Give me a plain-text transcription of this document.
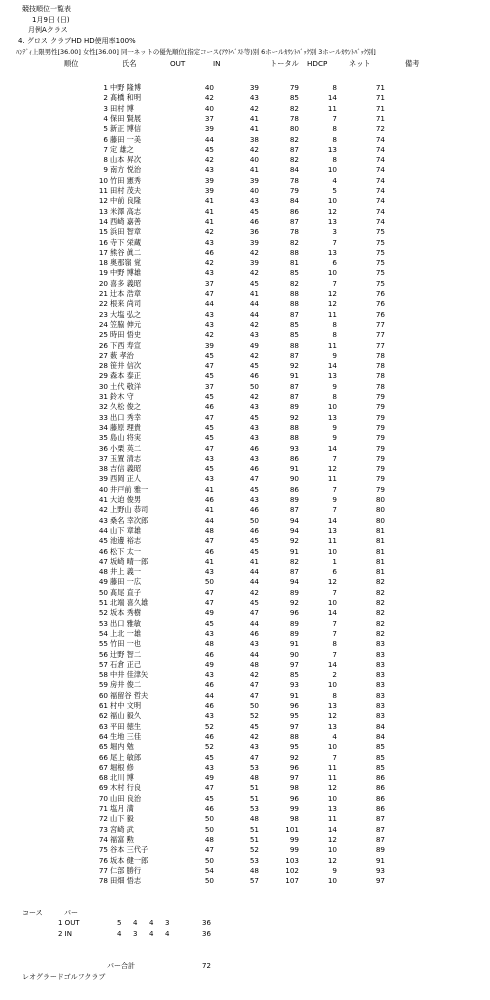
競技順位一覧表
1月9日 (日)
月例Aクラス
4. グロス クラブHD HD使用率100%
ﾊﾝﾃﾞｨ上限男性[36.00] 女性[36.00] 同一ネットの優先順位[指定コース(ｱｳﾄﾍﾞｽﾄ等)別 6ホールｶｳﾝﾄﾊﾞｯｸ別 3ホールｶｳﾝﾄﾊﾞｯｸ別]
順位	氏名	OUT	IN	トータル HDCP	ネット	備考
1 中野 隆博	40	39	79	8	71
2 髙橋 和明	42	43	85	14	71
3 田村 博	40	42	82	11	71
4 保田 賢展	37	41	78	7	71
5 新正 博信	39	41	80	8	72
6 藤田 一美	44	38	82	8	74
7 定 雄之	45	42	87	13	74
8 山本 昇次	42	40	82	8	74
9 南方 悦治	43	41	84	10	74
10 竹田 憲秀	39	39	78	4	74
11 田村 茂夫	39	40	79	5	74
12 中前 良隆	41	43	84	10	74
13 米澤 高志	41	45	86	12	74
14 西崎 嘉善	41	46	87	13	74
15 浜田 智章	42	36	78	3	75
16 寺下 栄蔵	43	39	82	7	75
17 熊谷 眞二	46	42	88	13	75
18 奥那嶺 覚	42	39	81	6	75
19 中野 博雄	43	42	85	10	75
20 喜多 義昭	37	45	82	7	75
21 辻本 浩章	47	41	88	12	76
22 根来 尚司	44	44	88	12	76
23 大塩 弘之	43	44	87	11	76
24 笠脇 伸元	43	42	85	8	77
25 時田 悟史	42	43	85	8	77
26 下西 寿宣	39	49	88	11	77
27 薮 孝治	45	42	87	9	78
28 笹井 信次	47	45	92	14	78
29 森本 泰正	45	46	91	13	78
30 土代 敬洋	37	50	87	9	78
31 鈴木 守	45	42	87	8	79
32 久松 俊之	46	43	89	10	79
33 出口 秀幸	47	45	92	13	79
34 藤原 理貴	45	43	88	9	79
35 島山 将実	45	43	88	9	79
36 小栗 英二	47	46	93	14	79
37 玉置 清志	43	43	86	7	79
38 吉信 義昭	45	46	91	12	79
39 西岡 正人	43	47	90	11	79
40 井戸前 雅一	41	45	86	7	79
41 大迫 俊男	46	43	89	9	80
42 上野山 恭司	41	46	87	7	80
43 桑名 幸次郎	44	50	94	14	80
44 山下 章雄	48	46	94	13	81
45 池邊 裕志	47	45	92	11	81
46 松下 太一	46	45	91	10	81
47 坂崎 晴一郎	41	41	82	1	81
48 井上 義一	43	44	87	6	81
49 藤田 一広	50	44	94	12	82
50 髙尾 直子	47	42	89	7	82
51 北端 喜久雄	47	45	92	10	82
52 坂本 秀樹	49	47	96	14	82
53 出口 雅敏	45	44	89	7	82
54 上北 一雄	43	46	89	7	82
55 竹田 一也	48	43	91	8	83
56 辻野 智二	46	44	90	7	83
57 石倉 正己	49	48	97	14	83
58 中井 佳津矢	43	42	85	2	83
59 房井 俊二	46	47	93	10	83
60 福留谷 哲夫	44	47	91	8	83
61 村中 文明	46	50	96	13	83
62 福山 毅久	43	52	95	12	83
63 平田 徳生	52	45	97	13	84
64 生地 三佳	46	42	88	4	84
65 堀内 勉	52	43	95	10	85
66 尾上 敏郎	45	47	92	7	85
67 堀根 修	43	53	96	11	85
68 北川 博	49	48	97	11	86
69 木村 行良	47	51	98	12	86
70 山田 良治	45	51	96	10	86
71 塩月 満	46	53	99	13	86
72 山下 毅	50	48	98	11	87
73 宮崎 武	50	51	101	14	87
74 福富 勲	48	51	99	12	87
75 谷本 三代子	47	52	99	10	89
76 坂本 健一郎	50	53	103	12	91
77 仁部 勝行	54	48	102	9	93
78 田畑 悟志	50	57	107	10	97
コース	パー
1 OUT	5 4 4 3	36
2 IN	4 3 4 4	36
パー合計	72
レオグラードゴルフクラブ
